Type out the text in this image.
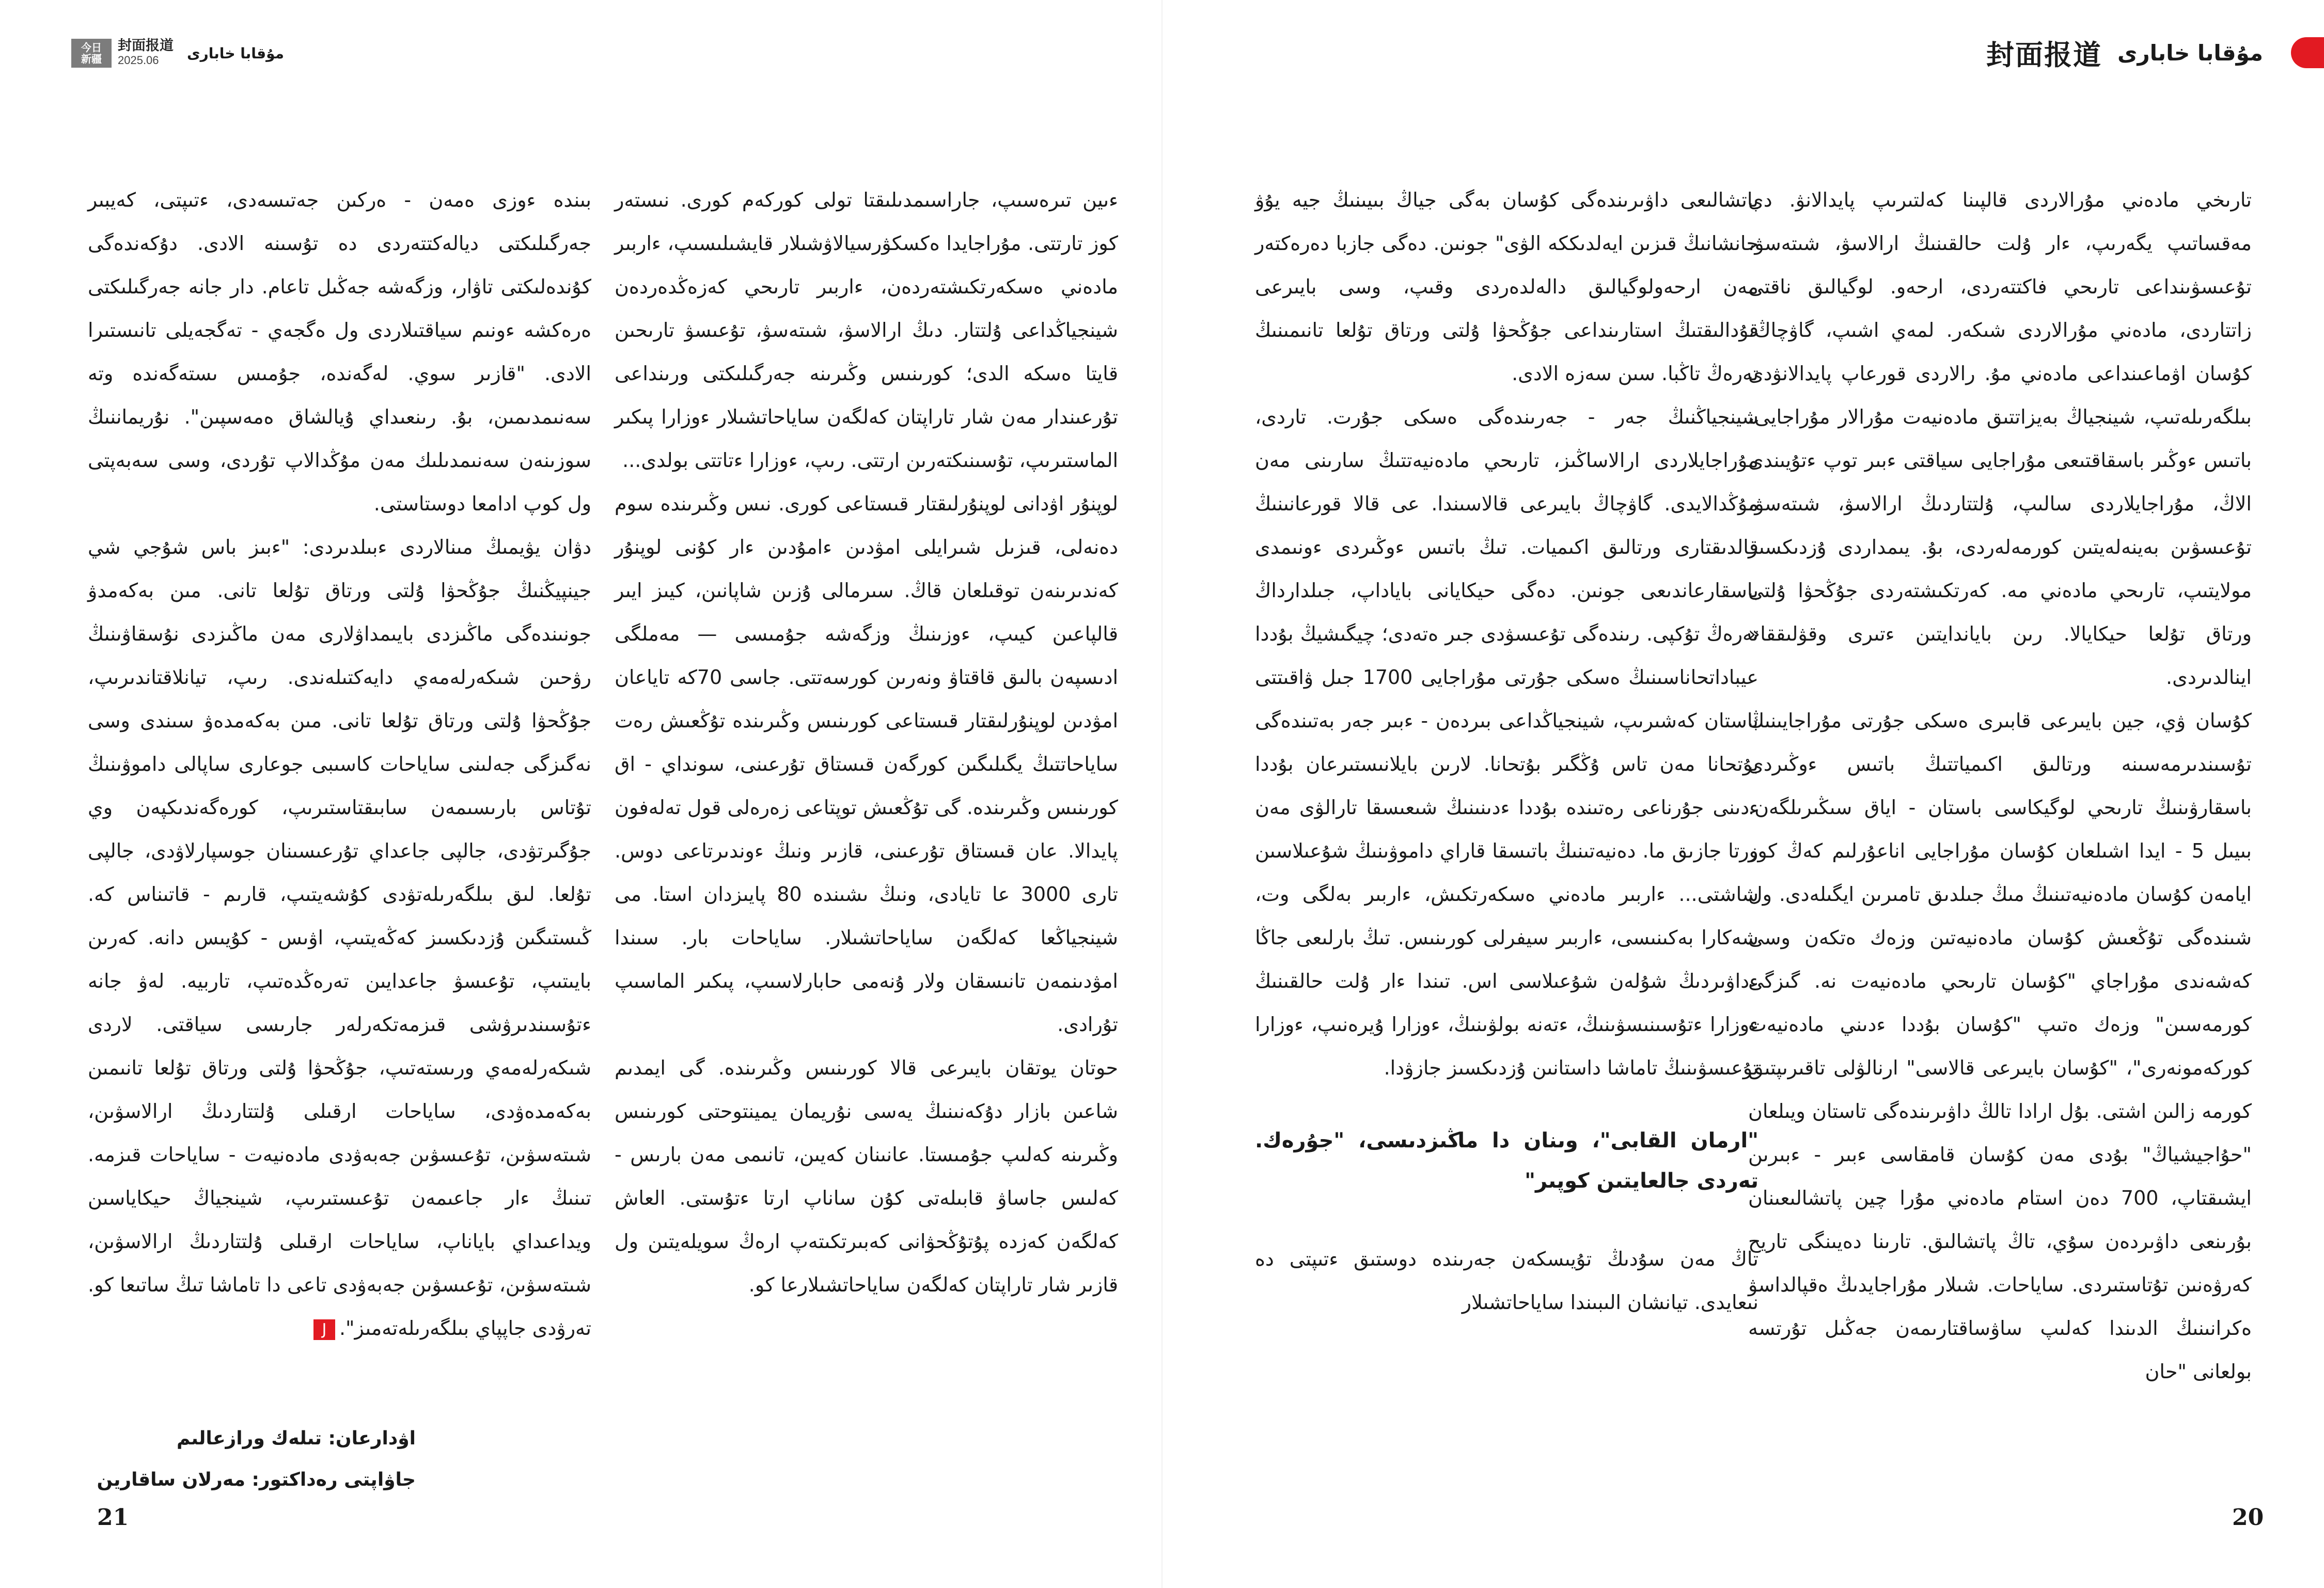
今日
新疆
封面报道
2025.06	مۇقابا خابارى	封面报道 مۇقابا خابارى

تارىخي مادەني مۇرالاردى قالپىنا كەلتىرىپ پايدالانۋ. دى مەقساتىپ يگەرىپ، ءار ۇلت حالقىنىڭ ارالاسۋ، شىتەسۋ، تۇعىسۋىنداعى تارىحي فاكتتەردى، ارحەو. لوگيالىق ناقتى زاتتاردى، مادەني مۇرالاردى شىكەر. لمەي اشىپ، گاۋچاڭ، كۇسان اۋماعىنداعى مادەني مۇ. رالاردى قورعاپ پايدالانۋدى بىلگەرىلەتىپ، شينجياڭ بەيزاتتىق مادەنيەت مۇرالار مۇراجايى، باتىس ءوڭىر باسقاقتىعى مۇراجايى سياقتى ءبىر توپ ءتۇيىندى الاڭ، مۇراجايلاردى سالىپ، ۇلتتاردىڭ ارالاسۋ، شىتەسۋ، تۇعىسۋىن بەينەلەيتىن كورمەلەردى، بۇ. يىمداردى ۇزدىكسىز مولايتىپ، تارىحي مادەني مە. كەرتكىشتەردى جۇڭحۋا ۇلتى ورتاق تۇلعا حيكايالا. رىن باياندايتىن ءتىرى وقۋلىققا« اينالدىردى.

كۇسان ۋي، جين بايىرعى قابىرى ەسكى جۇرتى مۇراجايىنىڭ تۇسىندىرمەسىنە ورتالىق اكىمياتتىڭ باتىس ءوڭىردى باسقارۋىنىڭ تارىحي لوگيكاسى باستان - اياق سىڭىرىلگەن. بىيىل 5 - ايدا اشىلعان كۇسان مۇراجايى اناعۇرلىم كەڭ كوز ايامەن كۇسان مادەنيەتىنىڭ مىڭ جىلدىق تامىرىن ايگىلەدى. ول شىندەگى تۇڭعىش كۇسان مادەنيەتىن وزەك ەتكەن وسى كەشەندى مۇراجاي "كۇسان تارىحي مادەنيەت نە. گىزگى كورمەسىن" وزەك ەتىپ "كۇسان بۇددا ءدىني مادەنيەت كوركەمونەرى"، "كۇسان بايىرعى قالاسى" ارنالۋلى تاقىرىپتىق كورمە زالىن اشتى. بۇل ارادا تالڭ داۋىرىندەگى تاستان ويىلعان "حۇاجيشياڭ" بۇدى مەن كۇسان قامقاسى ءبىر - ءبىرىن ايشىقتاپ، 700 دەن استام مادەني مۇرا چين پاتشالىعىنان بۇرىنعى داۋىردەن سۇي، تاڭ پاتشالىق. تارىنا دەيىنگى تاريح كەرۋەنىن تۇتاستىردى. ساياحات. شىلار مۇراجايدىڭ ەقپالداسۋ ەكرانىنىڭ الدىندا كەلىپ ساۋساقتارىمەن جەڭىل تۇرتسە بولعانى "حان

پاتشالىعى داۋىرىندەگى كۇسان بەگى جياڭ بىيىنىڭ جيە يۇۋ حانشانىڭ قىزىن ايەلدىككە الۋى" جونىن. دەگى جازبا دەرەكتەر مەن ارحەولوگيالىق دالەلدەردى وقىپ، وسى بايىرعى قۇدالىقتىڭ استارىنداعى جۇڭحۋا ۇلتى ورتاق تۇلعا تانىمىنىڭ تەرەڭ تاڭبا. سىن سەزە الادى.

شينجياڭنىڭ جەر - جەرىندەگى ەسكى جۇرت. تاردى، مۇراجايلاردى ارالاساڭىز، تارىحي مادەنيەتتىڭ سارىنى مەن مۇڭدالايدى. گاۋچاڭ بايىرعى قالاسىندا. عى قالا قورعانىنىڭ قالدىقتارى ورتالىق اكىميات. تىڭ باتىس ءوڭىردى ءونىمدى باسقارعاندىعى جونىن. دەگى حيكايانى باياداپ، جىلدارداڭ تەرەڭ تۇكپى. رىندەگى تۇعىسۋدى جىر ەتەدى؛ چيگىشيڭ بۇددا عيباداتحاناسىنىڭ ەسكى جۇرتى مۇراجايى 1700 جىل ۋاقىتتى باستان كەشىرىپ، شينجياڭداعى بىردەن - ءبىر جەر بەتىندەگى بۇتحانا مەن تاس ۇڭگىر بۇتحانا. لارىن بايلانىستىرعان بۇددا ءدىنى جۇرناعى رەتىندە بۇددا ءدىنىنىڭ شىعىسقا تارالۋى مەن ورتا جازىق ما. دەنيەتىنىڭ باتىسقا قاراي داموۋىنىڭ شۇعىلاسىن شاشتى... ءاربىر مادەني ەسكەرتكىش، ءاربىر بەلگى وت، شەكارا بەكىنىسى، ءاربىر سيفرلى كورىنىس. تىڭ بارلىعى جاڭا ءداۋىردىڭ شۇلەن شۇعىلاسى اس. تىندا ءار ۇلت حالقىنىڭ ءوزارا ءتۇسىنىسۋىنىڭ، ءتەنە بولۋىنىڭ، ءوزارا ۇيرەنىپ، ءوزارا تۇعىسۋىنىڭ تاماشا داستانىن ۇزدىكسىز جازۋدا.

"ارمان القابى"، وىنان دا ماڭىزدىسى، "جۇرەك. تەردى جالعايتىن كوپىر"

تاڭ مەن سۇدىڭ تۇيىسكەن جەرىندە دوستىق ءتىپتى دە نىعايدى. تيانشان الىبىندا ساياحاتشىلار

ءىين تىرەسىپ، جاراسىمدىلىقتا تولى كوركەم كورى. نىستەر كوز تارتتى. مۇراجايدا ەكسكۋرسيالاۋشىلار قايشىلىسىپ، ءاربىر مادەني ەسكەرتكىشتەردەن، ءاربىر تارىحي كەزەڭدەردەن شينجياڭداعى ۇلتتار. دىڭ ارالاسۋ، شىتەسۋ، تۇعىسۋ تارىحىن قايتا ەسكە الدى؛ كورىنىس وڭىرىنە جەرگىلىكتى ورىنداعى تۇرعىندار مەن شار تاراپتان كەلگەن ساياحاتشىلار ءوزارا پىكىر الماستىرىپ، تۇسىنىكتەرىن ارتتى. رىپ، ءوزارا ءتاتتى بولدى...

لوپنۇر اۋدانى لوپنۇرلىقتار قىستاعى كورى. نىس وڭىرىندە سوم دەنەلى، قىزىل شىرايلى امۋدىن ءامۇدىن ءار كۇنى لوپنۇر كەندىرىنەن توقىلعان قاڭ. سىرمالى ۇزىن شاپانىن، كيىز ايىر قالپاعىن كيىپ، ءوزىنىڭ وزگەشە جۇمىسى — مەملگى ادىسپەن بالىق قاقتاۋ ونەرىن كورسەتتى. جاسى 70كە تاياعان امۋدىن لوپنۇرلىقتار قىستاعى كورىنىس وڭىرىندە تۇڭعىش رەت ساياحاتتىڭ يگىلىگىن كورگەن قىستاق تۇرعىنى، سونداي - اق كورىنىس وڭىرىندە. گى تۇڭعىش توپتاعى زەرەلى قول تەلەفون پايدالا. عان قىستاق تۇرعىنى، قازىر ونىڭ ءوندىرتاعى دوس. تارى 3000 عا تايادى، ونىڭ ىشىندە 80 پايىزدان استا. مى شينجياڭعا كەلگەن ساياحاتشىلار. ساياحات بار. سىندا امۋدىنمەن تانىسقان ولار ۇنەمى حابارلاسىپ، پىكىر الماسىپ تۇرادى.

حوتان يوتقان بايىرعى قالا كورىنىس وڭىرىندە. گى ايمدىم شاعىن بازار دۇكەنىنىڭ يەسى نۇريمان يمينتوحتى كورىنىس وڭىرىنە كەلىپ جۇمىستا. عانىنان كەيىن، تانىمى مەن بارىس - كەلىس جاساۋ قابىلەتى كۇن ساناپ ارتا ءتۇستى. العاش كەلگەن كەزدە پۇتۇڭحۋانى كەبىرتكىتەپ ارەڭ سويلەيتىن ول قازىر شار تاراپتان كەلگەن ساياحاتشىلارعا كو.

بىندە ءوزى ەمەن - ەركىن جەتىسەدى، ءتىپتى، كەيبىر جەرگىلىكتى ديالەكتتەردى دە تۇسىنە الادى. دۇكەندەگى كۇندەلىكتى تاۋار، وزگەشە جەڭىل تاعام. دار جانە جەرگىلىكتى ەرەكشە ءونىم سياقتىلاردى ول ەگجەي - تەگجەيلى تانىستىرا الادى. "قازىر سوي. لەگەندە، جۇمىس ىستەگەندە وتە سەنىمدىمىن، بۇ. رىنعىداي ۇيالشاق ەمەسپىن". نۇريماننىڭ سوزىنەن سەنىمدىلىك مەن مۇڭدالاپ تۇردى، وسى سەبەپتى ول كوپ ادامعا دوستاستى.

دۋان يۋيمىڭ مىنالاردى ءبىلدىردى: "ءبىز باس شۇجي شي جينپيڭنىڭ جۇڭحۋا ۇلتى ورتاق تۇلعا تانى. مىن بەكەمدۋ جونىندەگى ماڭىزدى بايىمداۋلارى مەن ماڭىزدى نۇسقاۋىنىڭ رۋحىن شىكەرلەمەي دايەكتىلەندى. رىپ، تيانلاقتاندىرىپ، جۇڭحۋا ۇلتى ورتاق تۇلعا تانى. مىن بەكەمدەۋ سىندى وسى نەگىزگى جەلىنى ساياحات كاسىبى جوعارى ساپالى داموۋىنىڭ تۇتاس بارىسىمەن سابىقتاستىرىپ، كورەگەندىكپەن وي جۇگىرتۋدى، جالپى جاعداي تۇرعىسىنان جوسپارلاۋدى، جالپى تۇلعا. لىق بىلگەرىلەتۋدى كۇشەيتىپ، قارىم - قاتىناس كە. ڭىستىگىن ۇزدىكسىز كەڭەيتىپ، اۋىس - كۇيىس دانە. كەرىن بايىتىپ، تۇعىسۋ جاعدايىن تەرەڭدەتىپ، تاربيە. لەۋ جانە ءتۇسىندىرۋشى قىزمەتكەرلەر جارىسى سياقتى. لاردى شىكەرلەمەي ورىستەتىپ، جۇڭحۋا ۇلتى ورتاق تۇلعا تانىمىن بەكەمدەۋدى، ساياحات ارقىلى ۇلتتاردىڭ ارالاسۋىن، شىتەسۋىن، تۇعىسۋىن جەبەۋدى مادەنيەت - ساياحات قىزمە. تىنىڭ ءار جاعىمەن تۇعىستىرىپ، شينجياڭ حيكاياسىن ويداعىداي باياناپ، ساياحات ارقىلى ۇلتتاردىڭ ارالاسۋىن، شىتەسۋىن، تۇعىسۋىن جەبەۋدى تاعى دا تاماشا تىڭ ساتىعا كو. تەرۋدى جاپپاي بىلگەرىلەتەمىز".J

اۋدارعان: تىلەك ورازعالىم
جاۋاپتى رەداكتور: مەرلان ساقارين
21	20
